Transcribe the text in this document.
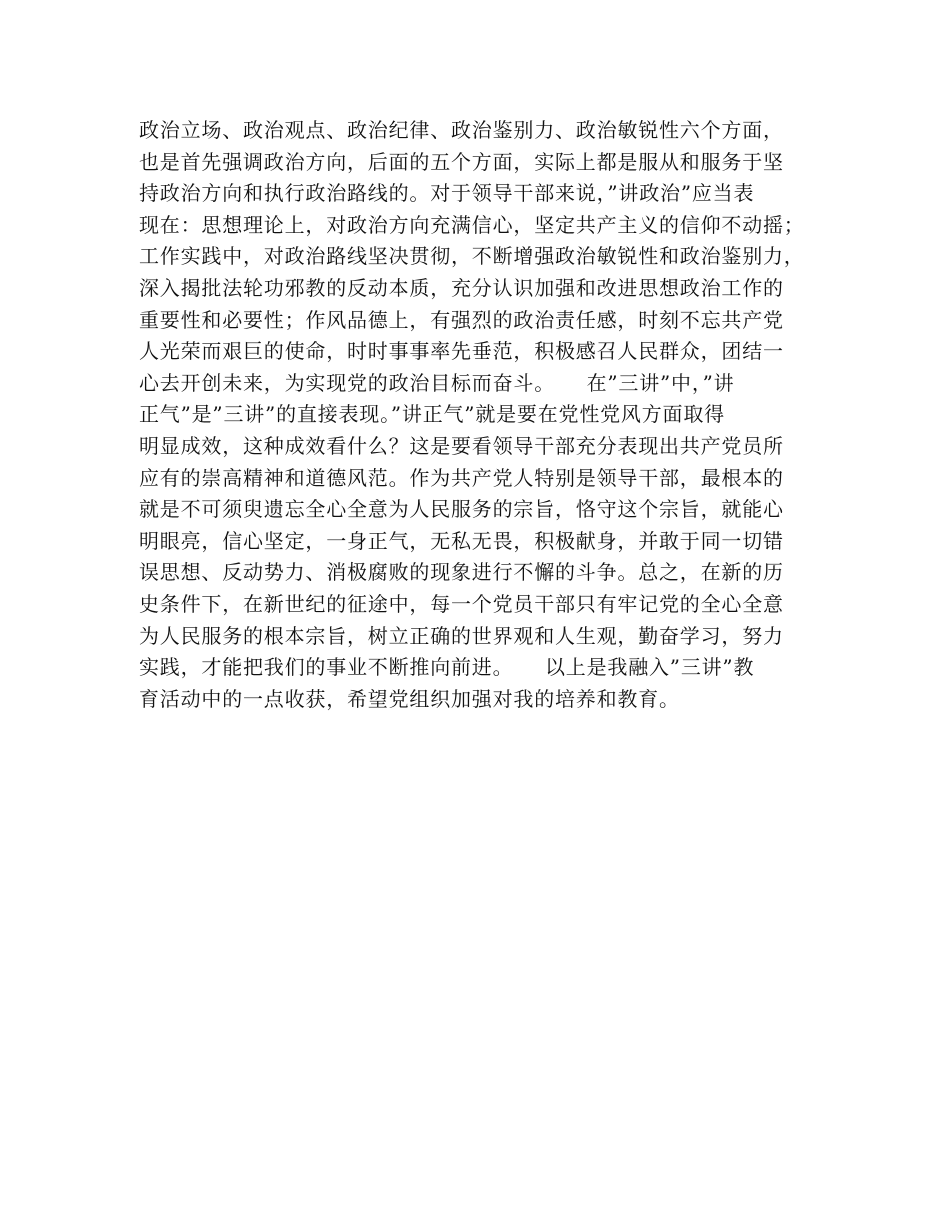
政治立场、政治观点、政治纪律、政治鉴别力、政治敏锐性六个方面，
也是首先强调政治方向，后面的五个方面，实际上都是服从和服务于坚
持政治方向和执行政治路线的。对于领导干部来说，”讲政治”应当表
现在：思想理论上，对政治方向充满信心，坚定共产主义的信仰不动摇；
工作实践中，对政治路线坚决贯彻，不断增强政治敏锐性和政治鉴别力，
深入揭批法轮功邪教的反动本质，充分认识加强和改进思想政治工作的
重要性和必要性；作风品德上，有强烈的政治责任感，时刻不忘共产党
人光荣而艰巨的使命，时时事事率先垂范，积极感召人民群众，团结一
心去开创未来，为实现党的政治目标而奋斗。　　在”三讲”中，”讲
正气”是”三讲”的直接表现。”讲正气”就是要在党性党风方面取得
明显成效，这种成效看什么？这是要看领导干部充分表现出共产党员所
应有的崇高精神和道德风范。作为共产党人特别是领导干部，最根本的
就是不可须臾遗忘全心全意为人民服务的宗旨，恪守这个宗旨，就能心
明眼亮，信心坚定，一身正气，无私无畏，积极献身，并敢于同一切错
误思想、反动势力、消极腐败的现象进行不懈的斗争。总之，在新的历
史条件下，在新世纪的征途中，每一个党员干部只有牢记党的全心全意
为人民服务的根本宗旨，树立正确的世界观和人生观，勤奋学习，努力
实践，才能把我们的事业不断推向前进。　　以上是我融入”三讲”教
育活动中的一点收获，希望党组织加强对我的培养和教育。
